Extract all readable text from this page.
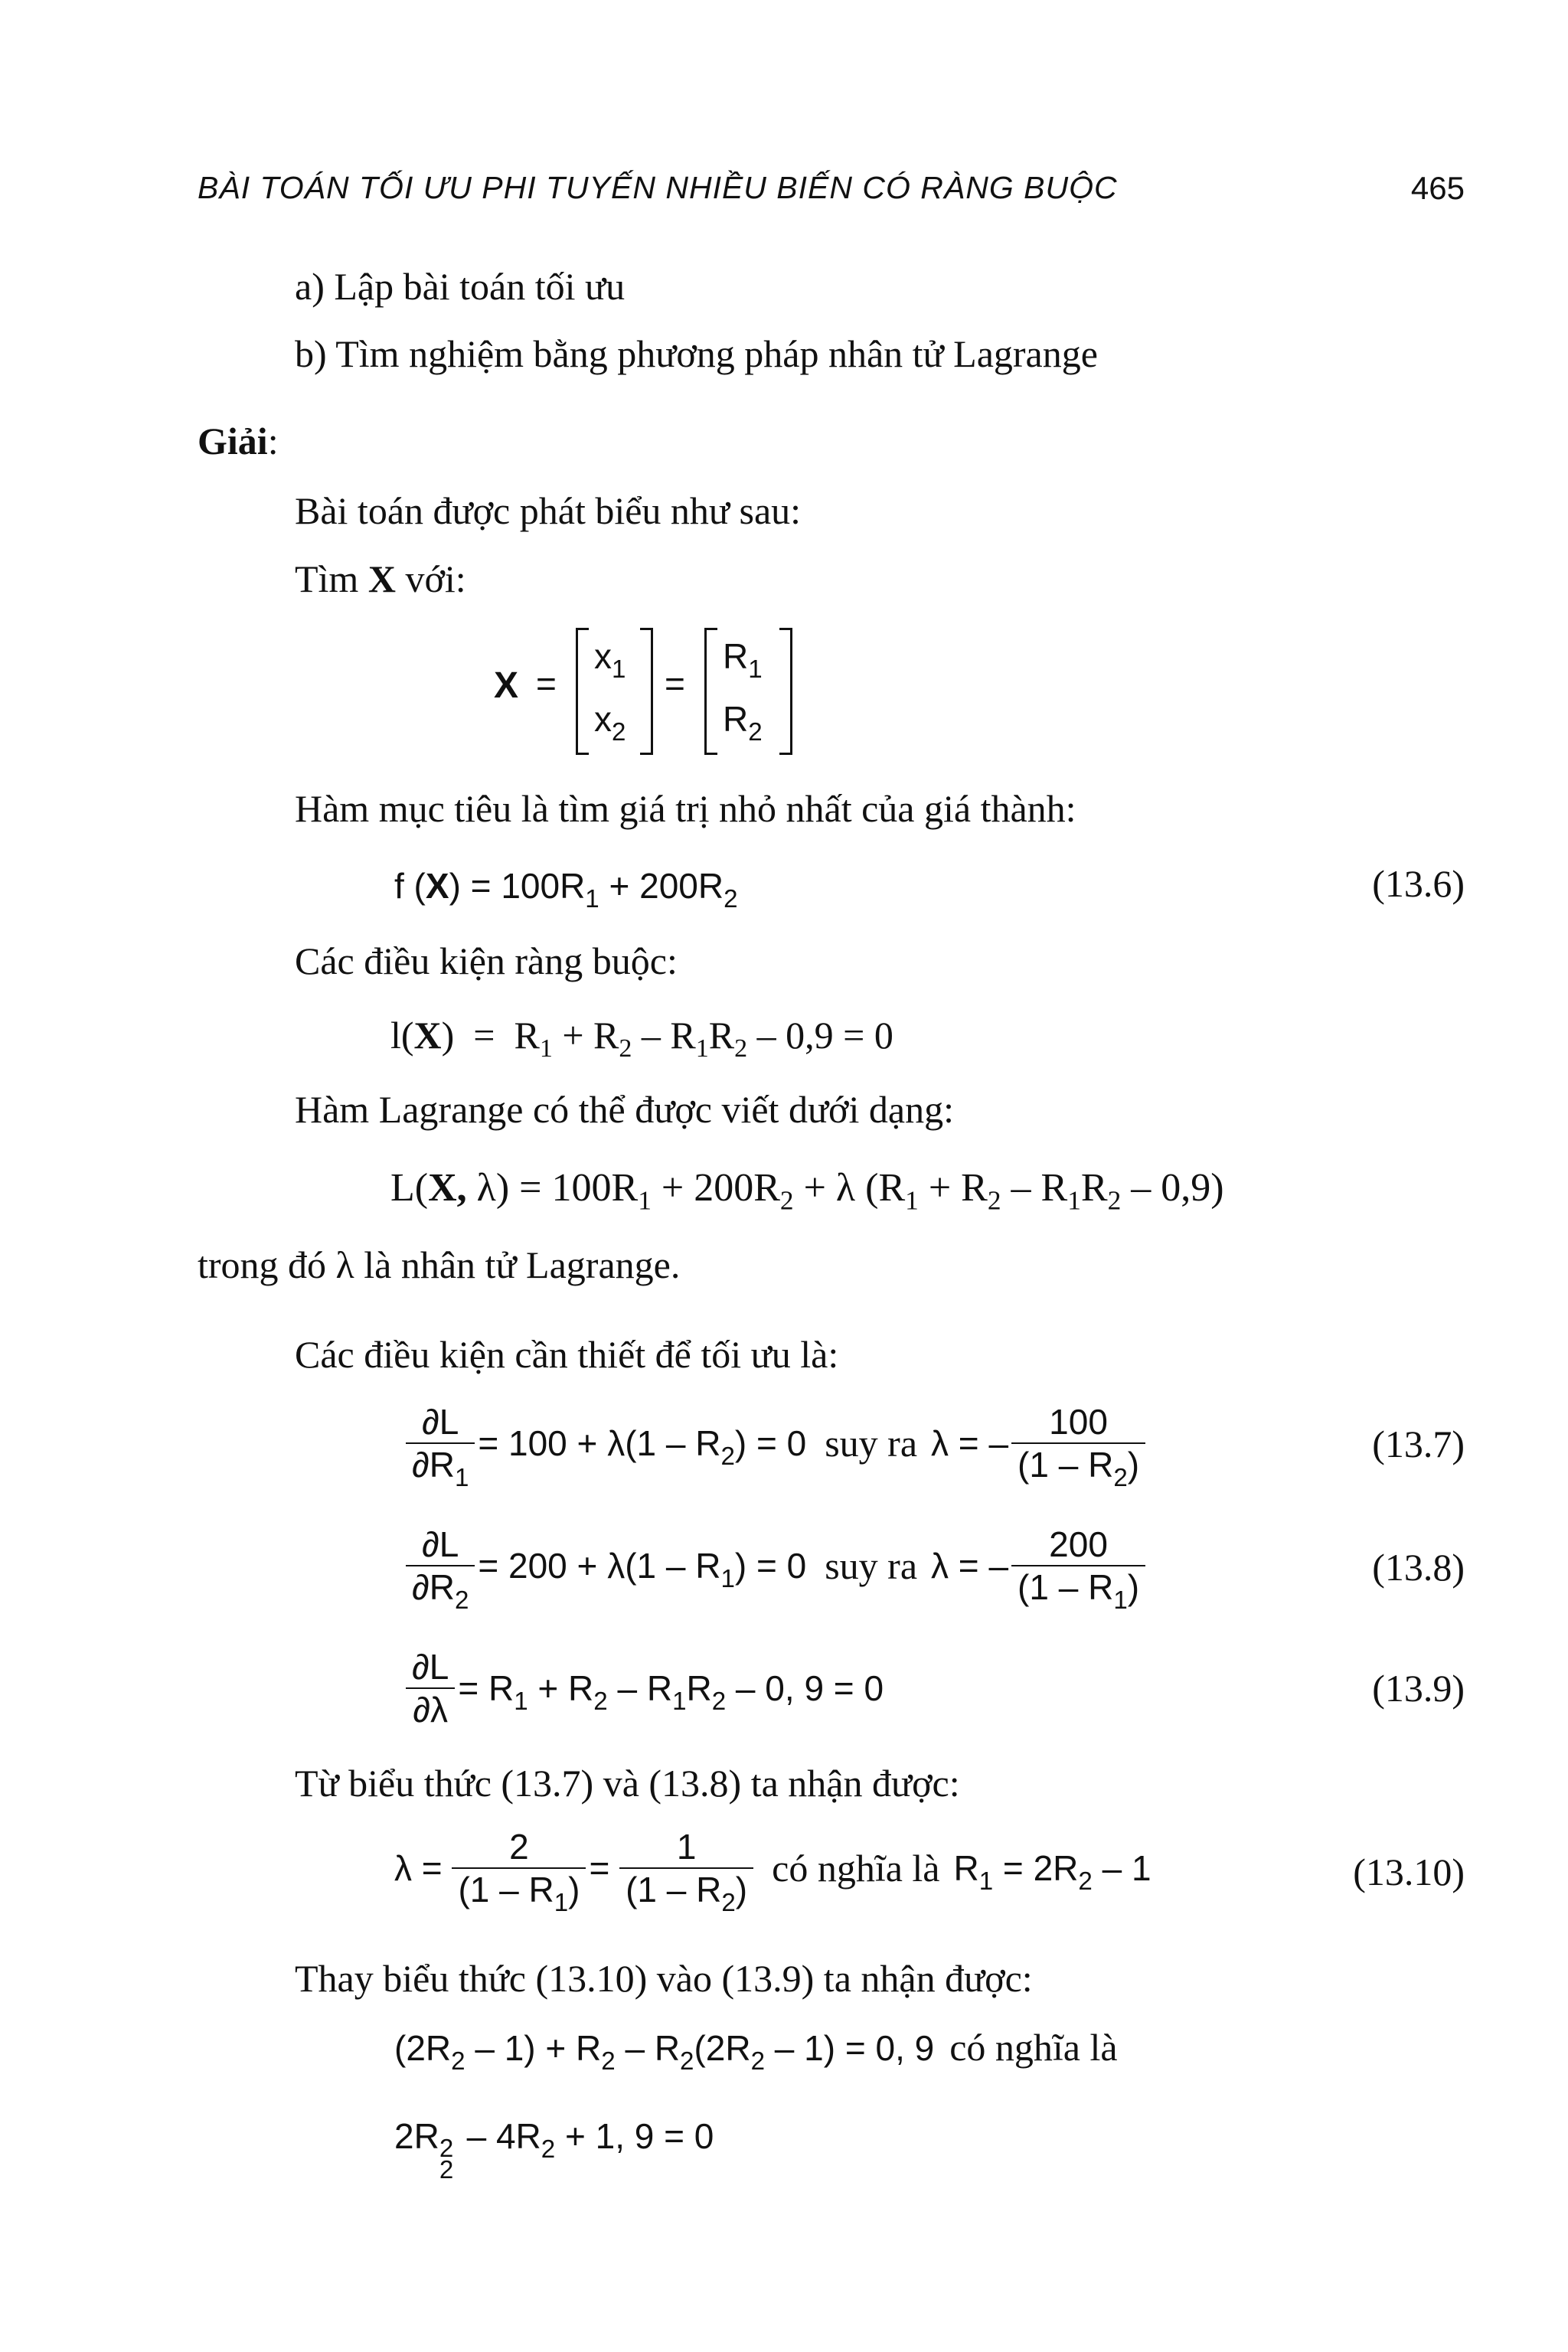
BÀI TOÁN TỐI ƯU PHI TUYẾN NHIỀU BIẾN CÓ RÀNG BUỘC	465
a) Lập bài toán tối ưu
b) Tìm nghiệm bằng phương pháp nhân tử Lagrange
Giải:
Bài toán được phát biểu như sau:
Tìm X với:
X =
$x_1$
$x_2$
=
$R_1$
$R_2$
Hàm mục tiêu là tìm giá trị nhỏ nhất của giá thành:
f $(X) = 100R_1 + 200R_2$	(13.6)
Các điều kiện ràng buộc:
$l(X) = R_1 + R_2 - R_1R_2 - 0,9 = 0$
Hàm Lagrange có thể được viết dưới dạng:
L(X, $\lambda) = 100R_1 + 200R_2 + \lambda$ $(R_1 + R_2 - R_1R_2 - 0,9)$
trong đó λ là nhân tử Lagrange.
Các điều kiện cần thiết để tối ưu là:
$\frac{\partial L}{\partial R_1} = 100 + \lambda(1 - R_2) = 0$ suy ra λ = – $\frac{100}{(1 - R_2)}$	(13.7)
$\frac{\partial L}{\partial R_2} = 200 + \lambda(1 - R_1) = 0$ suy ra λ = – $\frac{200}{(1 - R_1)}$	(13.8)
$\frac{\partial L}{\partial\lambda} = R_1 + R_2 - R_1R_2 - 0$, 9 = 0	(13.9)
Từ biểu thức (13.7) và (13.8) ta nhận được:
$\lambda = \frac{2}{(1 - R_1)} = \frac{1}{(1 - R_2)}$ có nghĩa là $R_1 = 2R_2 - 1$	(13.10)
Thay biểu thức (13.10) vào (13.9) ta nhận được:
$(2R_2 - 1) + R_2 - R_2(2R_2 - 1) = 0$, 9 có nghĩa là
2R 2
2
– $4R_2 + 1$, 9 = 0
